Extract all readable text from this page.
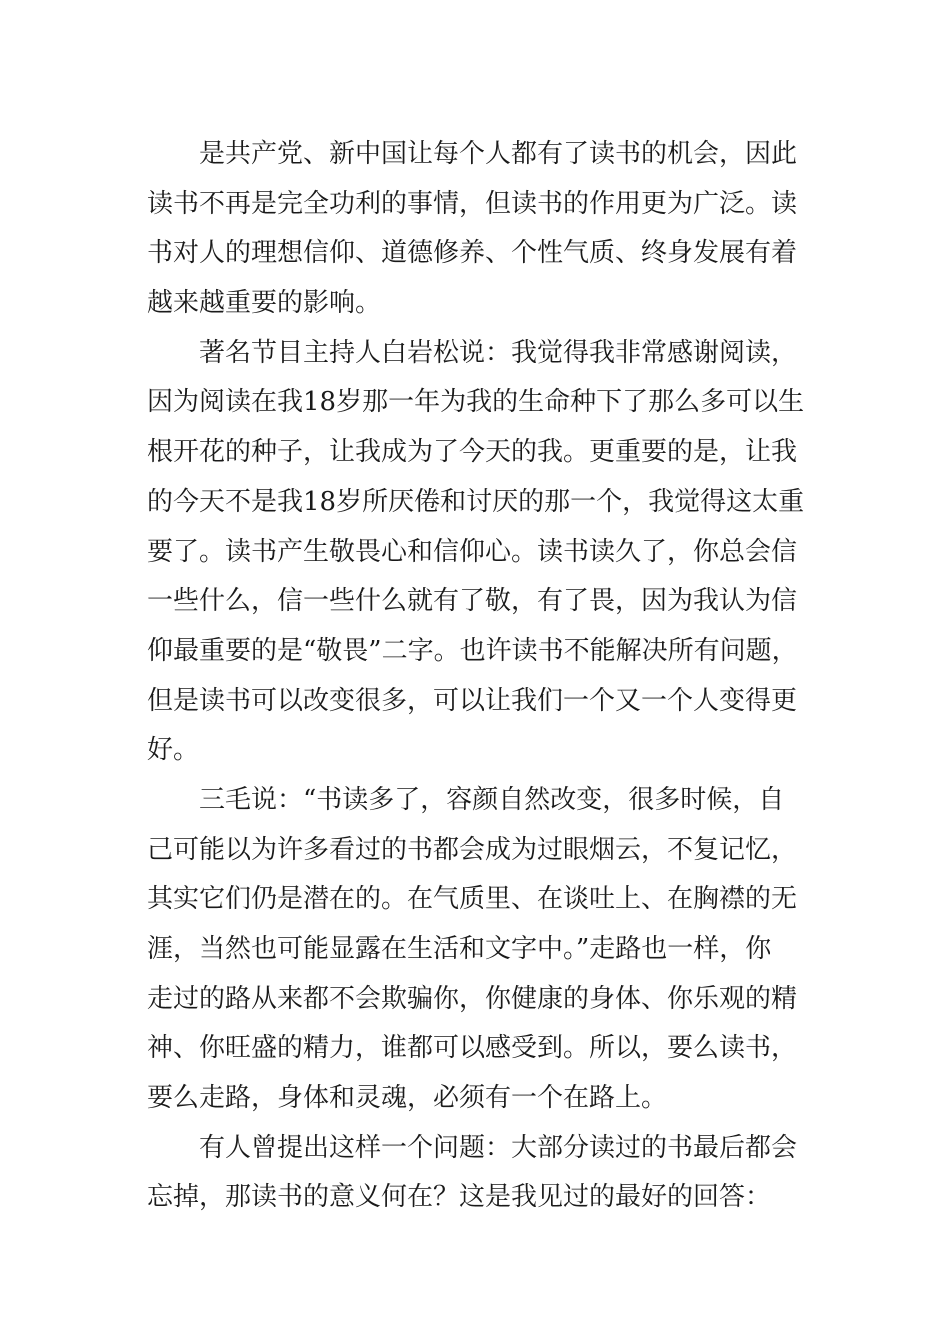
是共产党、新中国让每个人都有了读书的机会，因此
读书不再是完全功利的事情，但读书的作用更为广泛。读
书对人的理想信仰、道德修养、个性气质、终身发展有着
越来越重要的影响。
著名节目主持人白岩松说：我觉得我非常感谢阅读，
因为阅读在我18岁那一年为我的生命种下了那么多可以生
根开花的种子，让我成为了今天的我。更重要的是，让我
的今天不是我18岁所厌倦和讨厌的那一个，我觉得这太重
要了。读书产生敬畏心和信仰心。读书读久了，你总会信
一些什么，信一些什么就有了敬，有了畏，因为我认为信
仰最重要的是“敬畏”二字。也许读书不能解决所有问题，
但是读书可以改变很多，可以让我们一个又一个人变得更
好。
三毛说：“书读多了，容颜自然改变，很多时候，自
己可能以为许多看过的书都会成为过眼烟云，不复记忆，
其实它们仍是潜在的。在气质里、在谈吐上、在胸襟的无
涯，当然也可能显露在生活和文字中。”走路也一样，你
走过的路从来都不会欺骗你，你健康的身体、你乐观的精
神、你旺盛的精力，谁都可以感受到。所以，要么读书，
要么走路，身体和灵魂，必须有一个在路上。
有人曾提出这样一个问题：大部分读过的书最后都会
忘掉，那读书的意义何在？这是我见过的最好的回答：
